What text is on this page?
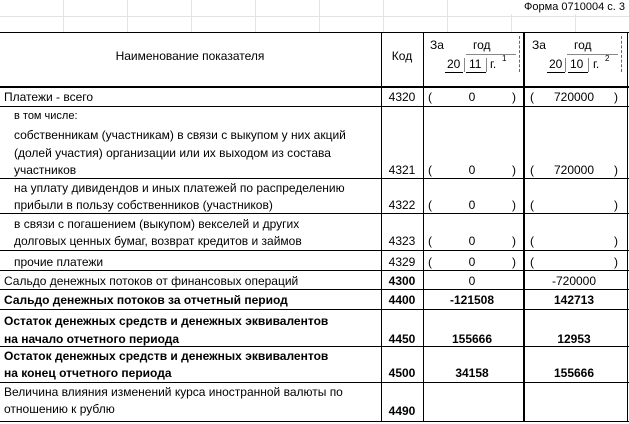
Форма 0710004 с. 3
Наименование показателя	Код
За год
20 11 г. 1
За год
20 10 г. 2
Платежи - всего	4320	(	0	) (	720000	)
в том числе:
собственникам (участникам) в связи с выкупом у них акций
(долей участия) организации или их выходом из состава
участников	4321	(	0	) (	720000	)
на уплату дивидендов и иных платежей по распределению
прибыли в пользу собственников (участников)	4322	(	0	) (	)
в связи с погашением (выкупом) векселей и других
долговых ценных бумаг, возврат кредитов и займов	4323	(	0	) (	)
прочие платежи	4329	(	0	) (	)
Сальдо денежных потоков от финансовых операций	4300	0	-720000
Сальдо денежных потоков за отчетный период	4400	-121508	142713
Остаток денежных средств и денежных эквивалентов
на начало отчетного периода	4450	155666	12953
Остаток денежных средств и денежных эквивалентов
на конец отчетного периода	4500	34158	155666
Величина влияния изменений курса иностранной валюты по
отношению к рублю	4490
